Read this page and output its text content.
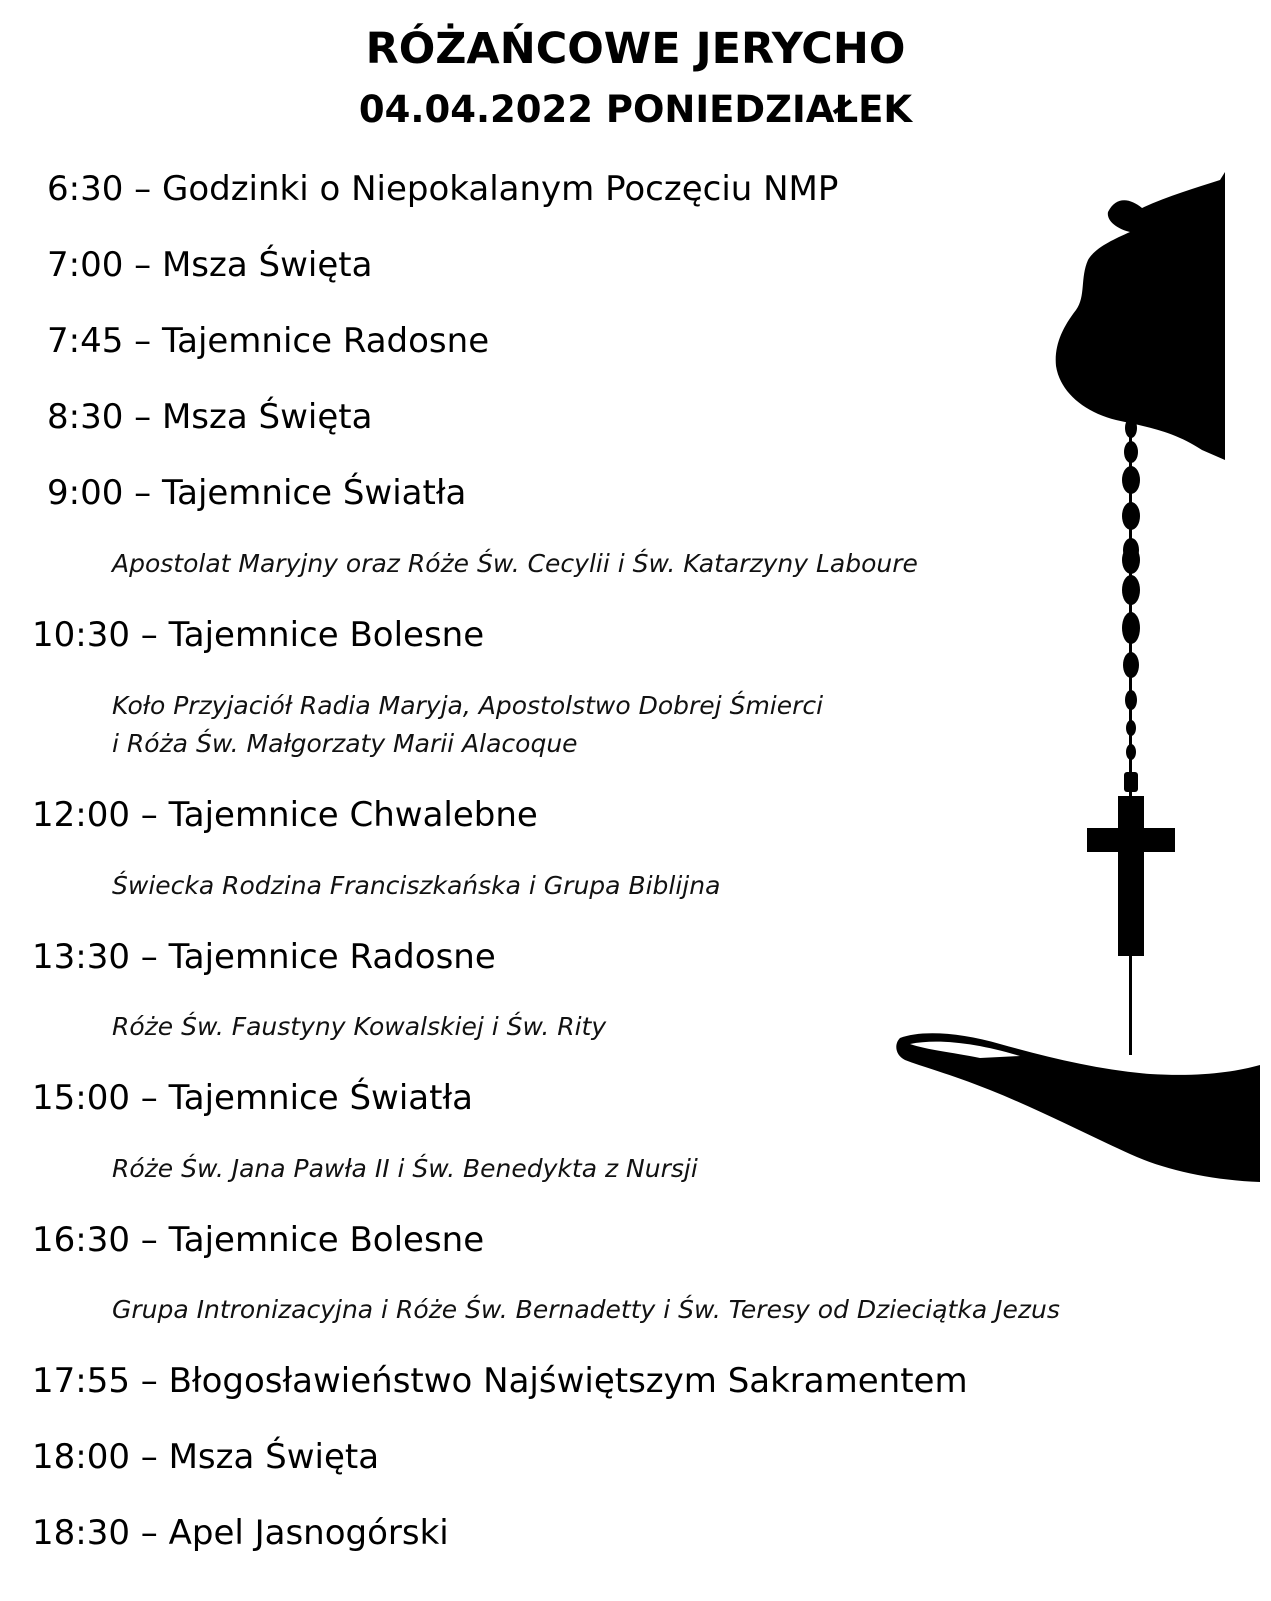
RÓŻAŃCOWE JERYCHO
04.04.2022 PONIEDZIAŁEK
6:30 – Godzinki o Niepokalanym Poczęciu NMP
7:00 – Msza Święta
7:45 – Tajemnice Radosne
8:30 – Msza Święta
9:00 – Tajemnice Światła
Apostolat Maryjny oraz Róże Św. Cecylii i Św. Katarzyny Laboure
10:30 – Tajemnice Bolesne
Koło Przyjaciół Radia Maryja, Apostolstwo Dobrej Śmierci
i Róża Św. Małgorzaty Marii Alacoque
12:00 – Tajemnice Chwalebne
Świecka Rodzina Franciszkańska i Grupa Biblijna
13:30 – Tajemnice Radosne
Róże Św. Faustyny Kowalskiej i Św. Rity
15:00 – Tajemnice Światła
Róże Św. Jana Pawła II i Św. Benedykta z Nursji
16:30 – Tajemnice Bolesne
Grupa Intronizacyjna i Róże Św. Bernadetty i Św. Teresy od Dzieciątka Jezus
17:55 – Błogosławieństwo Najświętszym Sakramentem
18:00 – Msza Święta
18:30 – Apel Jasnogórski
